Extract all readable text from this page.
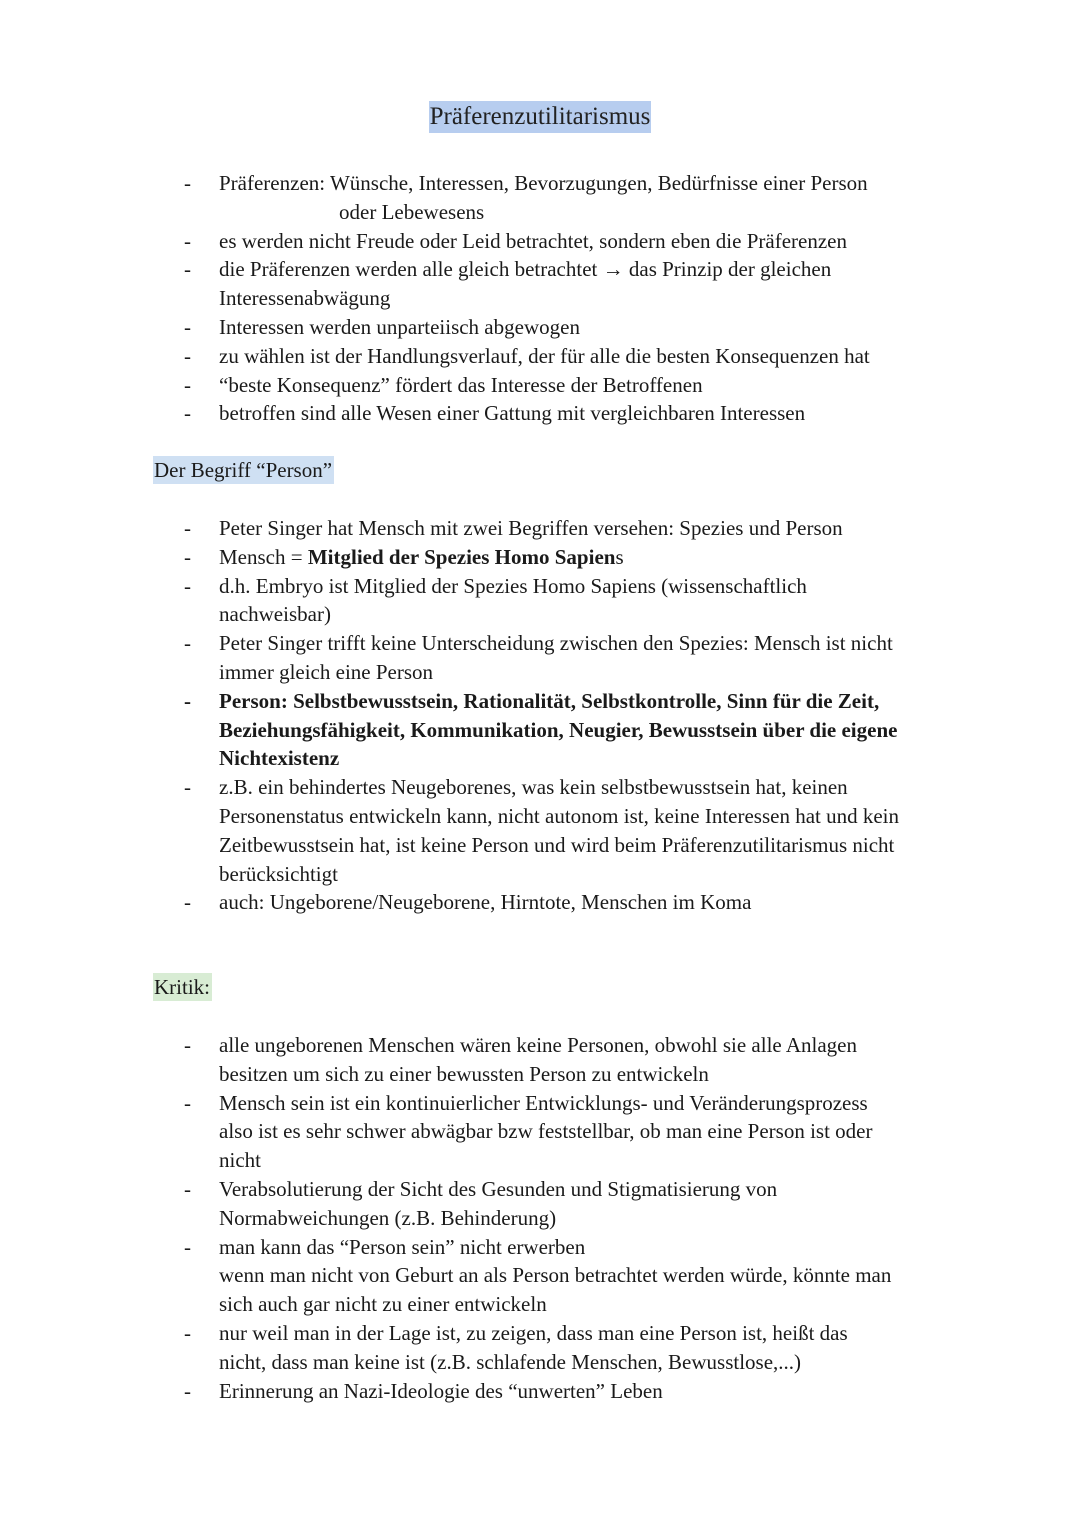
Präferenzutilitarismus
- Präferenzen: Wünsche, Interessen, Bevorzugungen, Bedürfnisse einer Person
oder Lebewesens
- es werden nicht Freude oder Leid betrachtet, sondern eben die Präferenzen
- die Präferenzen werden alle gleich betrachtet → das Prinzip der gleichen
Interessenabwägung
- Interessen werden unparteiisch abgewogen
- zu wählen ist der Handlungsverlauf, der für alle die besten Konsequenzen hat
- “beste Konsequenz” fördert das Interesse der Betroffenen
- betroffen sind alle Wesen einer Gattung mit vergleichbaren Interessen
Der Begriff “Person”
- Peter Singer hat Mensch mit zwei Begriffen versehen: Spezies und Person
- Mensch = Mitglied der Spezies Homo Sapiens
- d.h. Embryo ist Mitglied der Spezies Homo Sapiens (wissenschaftlich
nachweisbar)
- Peter Singer trifft keine Unterscheidung zwischen den Spezies: Mensch ist nicht
immer gleich eine Person
- Person: Selbstbewusstsein, Rationalität, Selbstkontrolle, Sinn für die Zeit,
Beziehungsfähigkeit, Kommunikation, Neugier, Bewusstsein über die eigene
Nichtexistenz
- z.B. ein behindertes Neugeborenes, was kein selbstbewusstsein hat, keinen
Personenstatus entwickeln kann, nicht autonom ist, keine Interessen hat und kein
Zeitbewusstsein hat, ist keine Person und wird beim Präferenzutilitarismus nicht
berücksichtigt
- auch: Ungeborene/Neugeborene, Hirntote, Menschen im Koma
Kritik:
- alle ungeborenen Menschen wären keine Personen, obwohl sie alle Anlagen
besitzen um sich zu einer bewussten Person zu entwickeln
- Mensch sein ist ein kontinuierlicher Entwicklungs- und Veränderungsprozess
also ist es sehr schwer abwägbar bzw feststellbar, ob man eine Person ist oder
nicht
- Verabsolutierung der Sicht des Gesunden und Stigmatisierung von
Normabweichungen (z.B. Behinderung)
- man kann das “Person sein” nicht erwerben
wenn man nicht von Geburt an als Person betrachtet werden würde, könnte man
sich auch gar nicht zu einer entwickeln
- nur weil man in der Lage ist, zu zeigen, dass man eine Person ist, heißt das
nicht, dass man keine ist (z.B. schlafende Menschen, Bewusstlose,...)
- Erinnerung an Nazi-Ideologie des “unwerten” Leben
